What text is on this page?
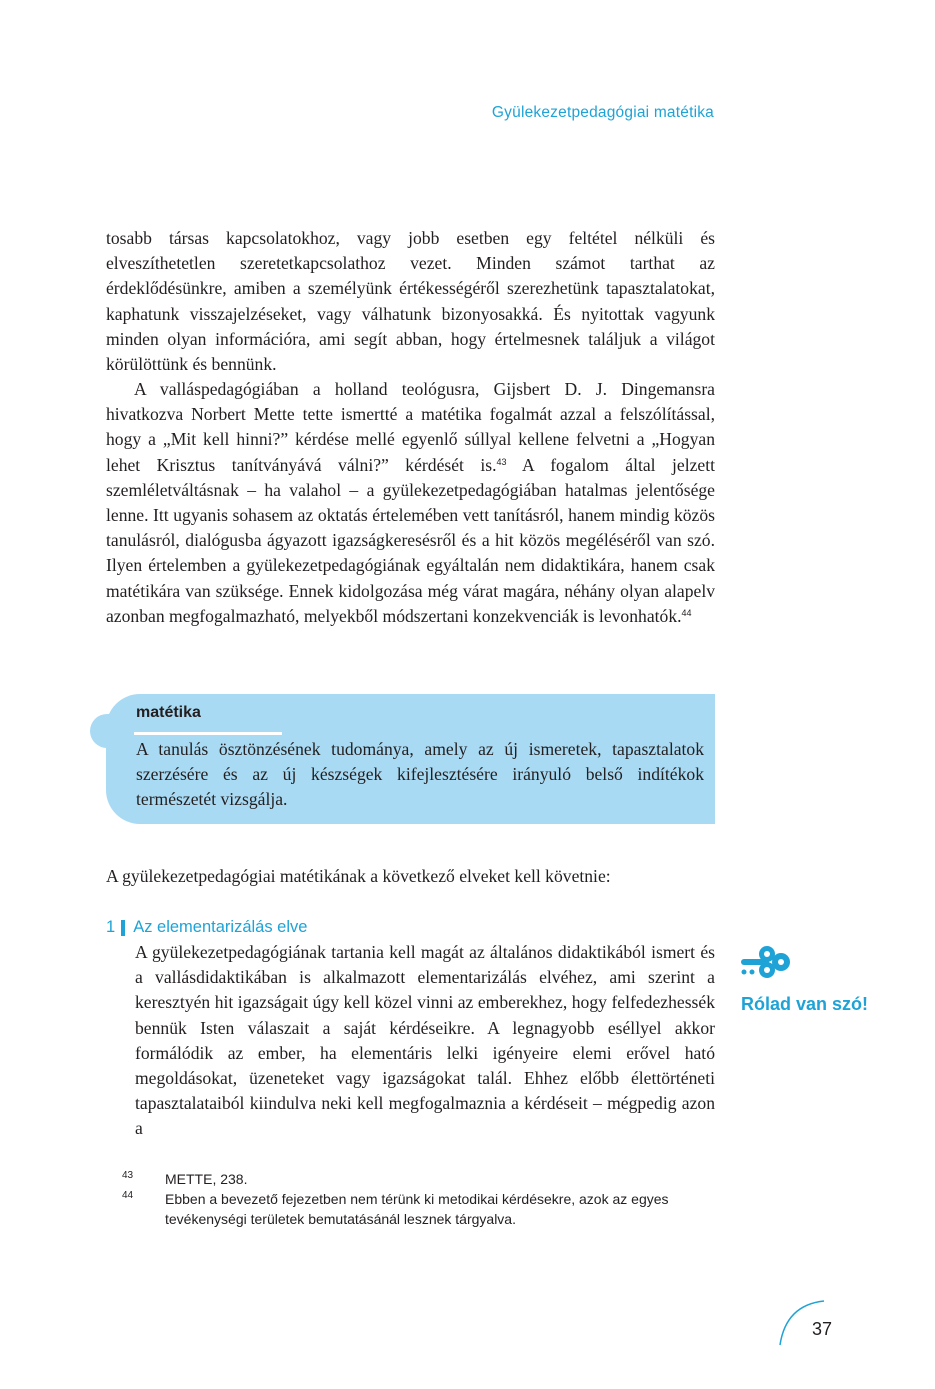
Gyülekezetpedagógiai matétika

tosabb társas kapcsolatokhoz, vagy jobb esetben egy feltétel nélküli és elveszíthetetlen szeretetkapcsolathoz vezet. Minden számot tarthat az érdeklődésünkre, amiben a személyünk értékességéről szerezhetünk tapasztalatokat, kaphatunk visszajelzéseket, vagy válhatunk bizonyosakká. És nyitottak vagyunk minden olyan információra, ami segít abban, hogy értelmesnek találjuk a világot körülöttünk és bennünk.

A valláspedagógiában a holland teológusra, Gijsbert D. J. Dingemansra hivatkozva Norbert Mette tette ismertté a matétika fogalmát azzal a felszólítással, hogy a „Mit kell hinni?” kérdése mellé egyenlő súllyal kellene felvetni a „Hogyan lehet Krisztus tanítványává válni?” kérdését is.$^{43}$ A fogalom által jelzett szemléletváltásnak – ha valahol – a gyülekezetpedagógiában hatalmas jelentősége lenne. Itt ugyanis sohasem az oktatás értelemében vett tanításról, hanem mindig közös tanulásról, dialógusba ágyazott igazságkeresésről és a hit közös megéléséről van szó. Ilyen értelemben a gyülekezetpedagógiának egyáltalán nem didaktikára, hanem csak matétikára van szüksége. Ennek kidolgozása még várat magára, néhány olyan alapelv azonban megfogalmazható, melyekből módszertani konzekvenciák is levonhatók.$^{44}$

matétika
A tanulás ösztönzésének tudománya, amely az új ismeretek, tapasztalatok szerzésére és az új készségek kifejlesztésére irányuló belső indítékok természetét vizsgálja.
A gyülekezetpedagógiai matétikának a következő elveket kell követnie:
1 Az elementarizálás elve

A gyülekezetpedagógiának tartania kell magát az általános didaktikából ismert és a vallásdidaktikában is alkalmazott elementarizálás elvéhez, ami szerint a keresztyén hit igazságait úgy kell közel vinni az emberekhez, hogy felfedezhessék bennük Isten válaszait a saját kérdéseikre. A legnagyobb eséllyel akkor formálódik az ember, ha elementáris lelki igényeire elemi erővel ható megoldásokat, üzeneteket vagy igazságokat talál. Ehhez előbb élettörténeti tapasztalataiból kiindulva neki kell megfogalmaznia a kérdéseit – mégpedig azon a

Rólad van szó!
43	METTE, 238.
44	Ebben a bevezető fejezetben nem térünk ki metodikai kérdésekre, azok az egyes tevékenységi területek bemutatásánál lesznek tárgyalva.
37
